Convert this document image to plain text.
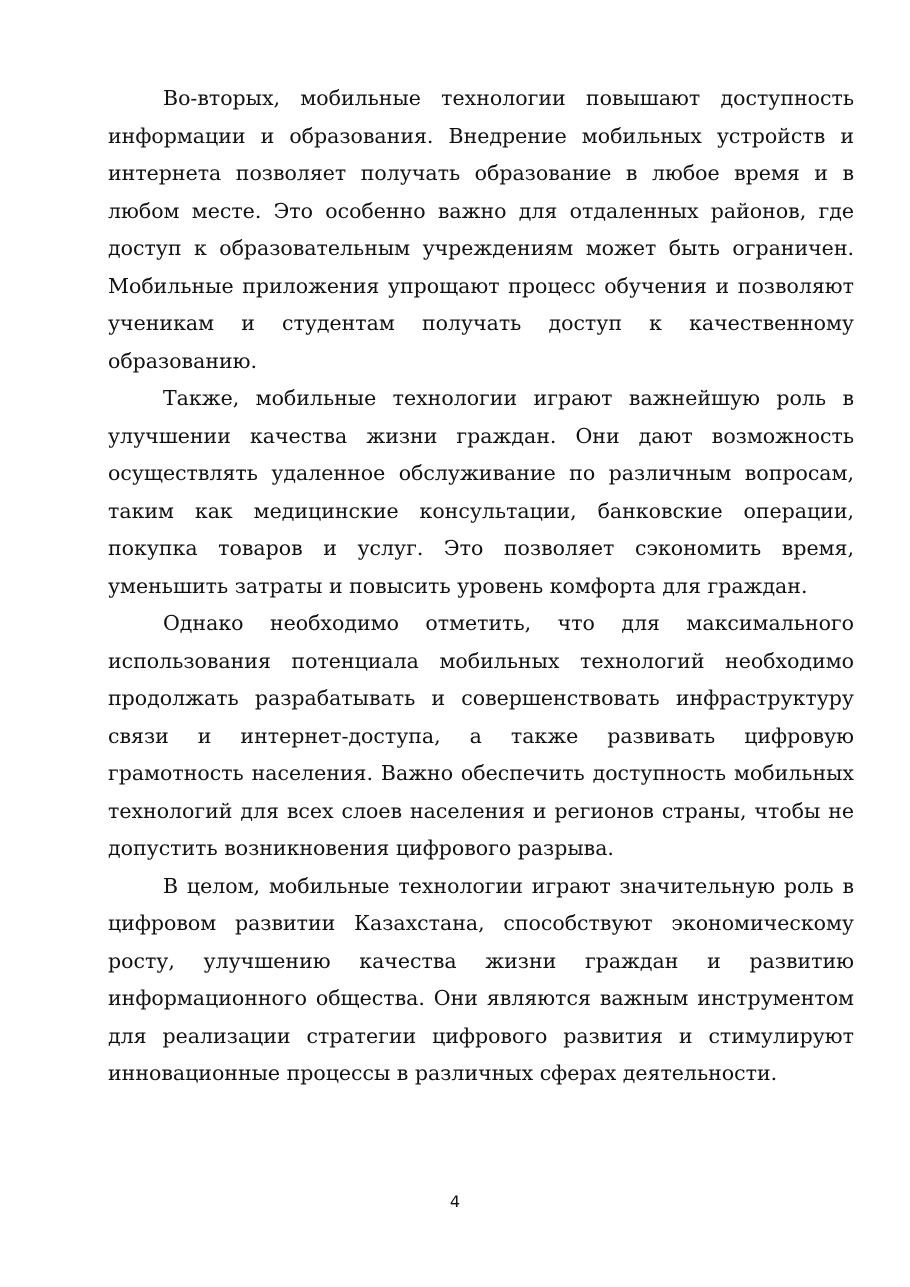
Во-вторых, мобильные технологии повышают доступность информации и образования. Внедрение мобильных устройств и интернета позволяет получать образование в любое время и в любом месте. Это особенно важно для отдаленных районов, где доступ к образовательным учреждениям может быть ограничен. Мобильные приложения упрощают процесс обучения и позволяют ученикам и студентам получать доступ к качественному образованию.

Также, мобильные технологии играют важнейшую роль в улучшении качества жизни граждан. Они дают возможность осуществлять удаленное обслуживание по различным вопросам, таким как медицинские консультации, банковские операции, покупка товаров и услуг. Это позволяет сэкономить время, уменьшить затраты и повысить уровень комфорта для граждан.

Однако необходимо отметить, что для максимального использования потенциала мобильных технологий необходимо продолжать разрабатывать и совершенствовать инфраструктуру связи и интернет-доступа, а также развивать цифровую грамотность населения. Важно обеспечить доступность мобильных технологий для всех слоев населения и регионов страны, чтобы не допустить возникновения цифрового разрыва.

В целом, мобильные технологии играют значительную роль в цифровом развитии Казахстана, способствуют экономическому росту, улучшению качества жизни граждан и развитию информационного общества. Они являются важным инструментом для реализации стратегии цифрового развития и стимулируют инновационные процессы в различных сферах деятельности.

4
